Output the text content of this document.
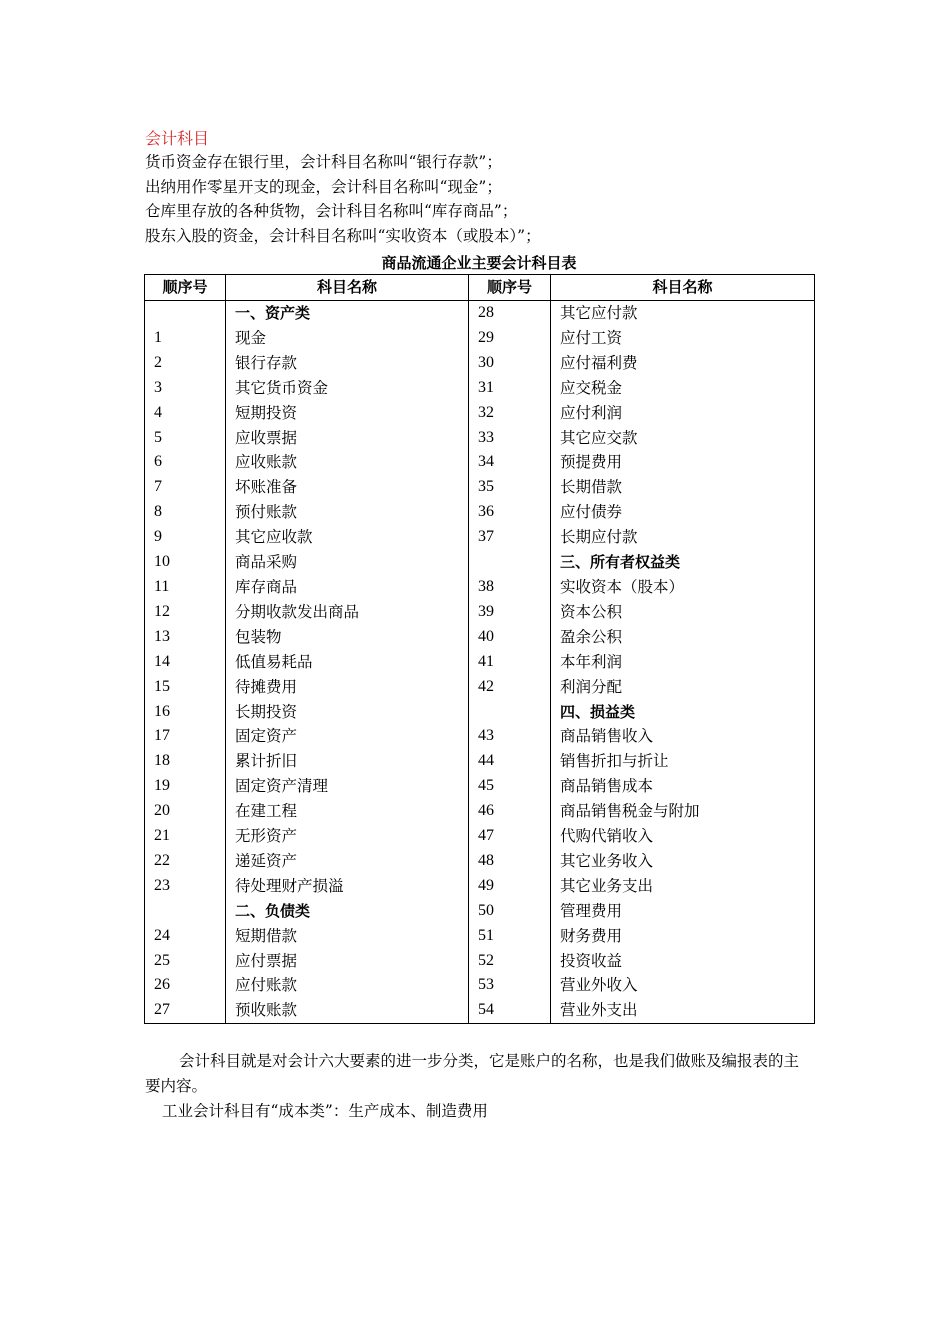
会计科目
货币资金存在银行里，会计科目名称叫“银行存款”；
出纳用作零星开支的现金，会计科目名称叫“现金”；
仓库里存放的各种货物，会计科目名称叫“库存商品”；
股东入股的资金，会计科目名称叫“实收资本（或股本）”；
商品流通企业主要会计科目表
顺序号	科目名称	顺序号	科目名称
	一、资产类	28	其它应付款
1	现金	29	应付工资
2	银行存款	30	应付福利费
3	其它货币资金	31	应交税金
4	短期投资	32	应付利润
5	应收票据	33	其它应交款
6	应收账款	34	预提费用
7	坏账准备	35	长期借款
8	预付账款	36	应付债券
9	其它应收款	37	长期应付款
10	商品采购		三、所有者权益类
11	库存商品	38	实收资本（股本）
12	分期收款发出商品	39	资本公积
13	包装物	40	盈余公积
14	低值易耗品	41	本年利润
15	待摊费用	42	利润分配
16	长期投资		四、损益类
17	固定资产	43	商品销售收入
18	累计折旧	44	销售折扣与折让
19	固定资产清理	45	商品销售成本
20	在建工程	46	商品销售税金与附加
21	无形资产	47	代购代销收入
22	递延资产	48	其它业务收入
23	待处理财产损溢	49	其它业务支出
	二、负债类	50	管理费用
24	短期借款	51	财务费用
25	应付票据	52	投资收益
26	应付账款	53	营业外收入
27	预收账款	54	营业外支出
会计科目就是对会计六大要素的进一步分类，它是账户的名称，也是我们做账及编报表的主要内容。
工业会计科目有“成本类”：生产成本、制造费用
